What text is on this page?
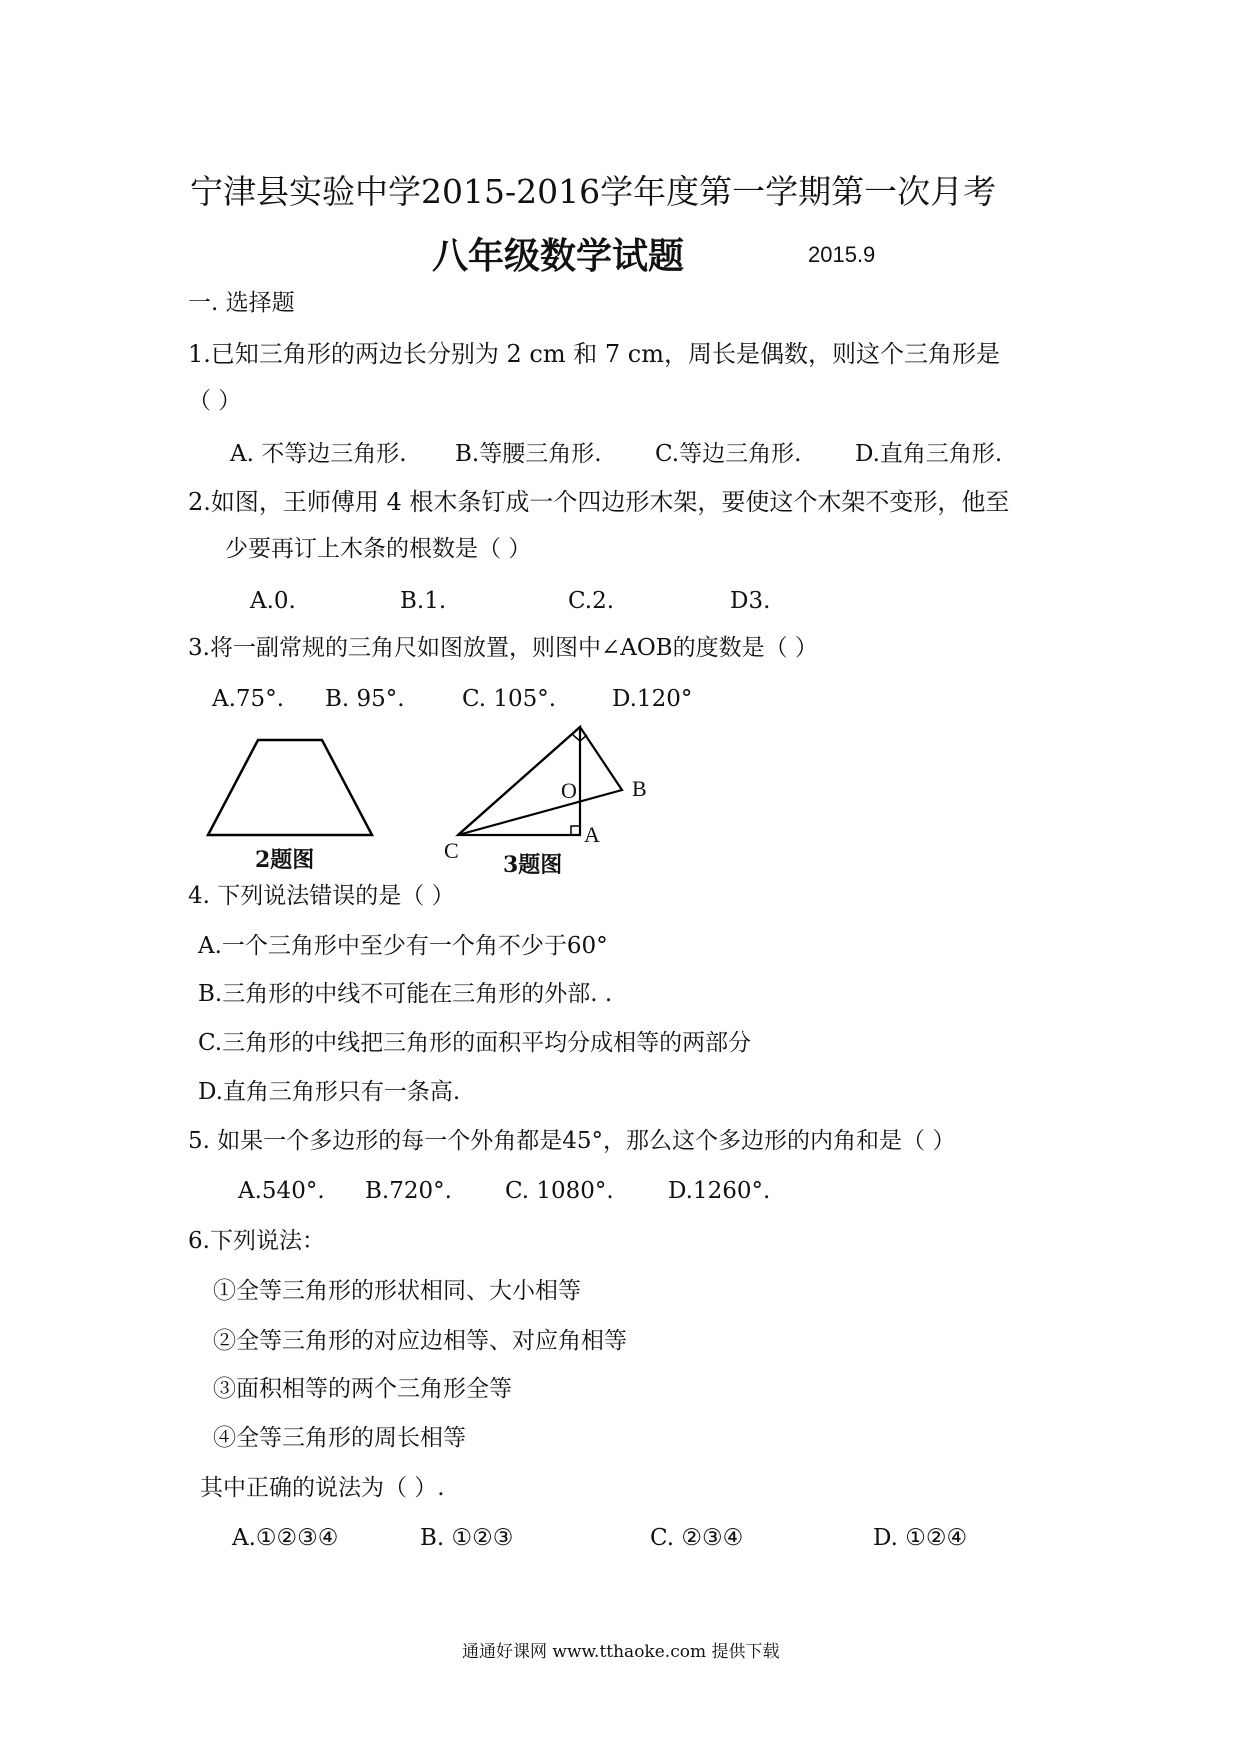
宁津县实验中学2015-2016学年度第一学期第一次月考
八年级数学试题	2015.9
一. 选择题
1.已知三角形的两边长分别为 2 cm 和 7 cm，周长是偶数，则这个三角形是
（ ）
A. 不等边三角形. B.等腰三角形. C.等边三角形. D.直角三角形.
2.如图，王师傅用 4 根木条钉成一个四边形木架，要使这个木架不变形，他至
少要再订上木条的根数是（ ）
A.0.	B.1.	C.2.	D3.
3.将一副常规的三角尺如图放置，则图中∠AOB的度数是（ ）
A.75°. B. 95°. C. 105°. D.120°
2题图
O	B
C
A
3题图
4. 下列说法错误的是（ ）
A.一个三角形中至少有一个角不少于60°
B.三角形的中线不可能在三角形的外部. .
C.三角形的中线把三角形的面积平均分成相等的两部分
D.直角三角形只有一条高.
5. 如果一个多边形的每一个外角都是45°，那么这个多边形的内角和是（ ）
A.540°. B.720°. C. 1080°. D.1260°.
6.下列说法：
①全等三角形的形状相同、大小相等
②全等三角形的对应边相等、对应角相等
③面积相等的两个三角形全等
④全等三角形的周长相等
其中正确的说法为（ ）.
A.①②③④	B. ①②③	C. ②③④	D. ①②④
通通好课网 www.tthaoke.com 提供下载
